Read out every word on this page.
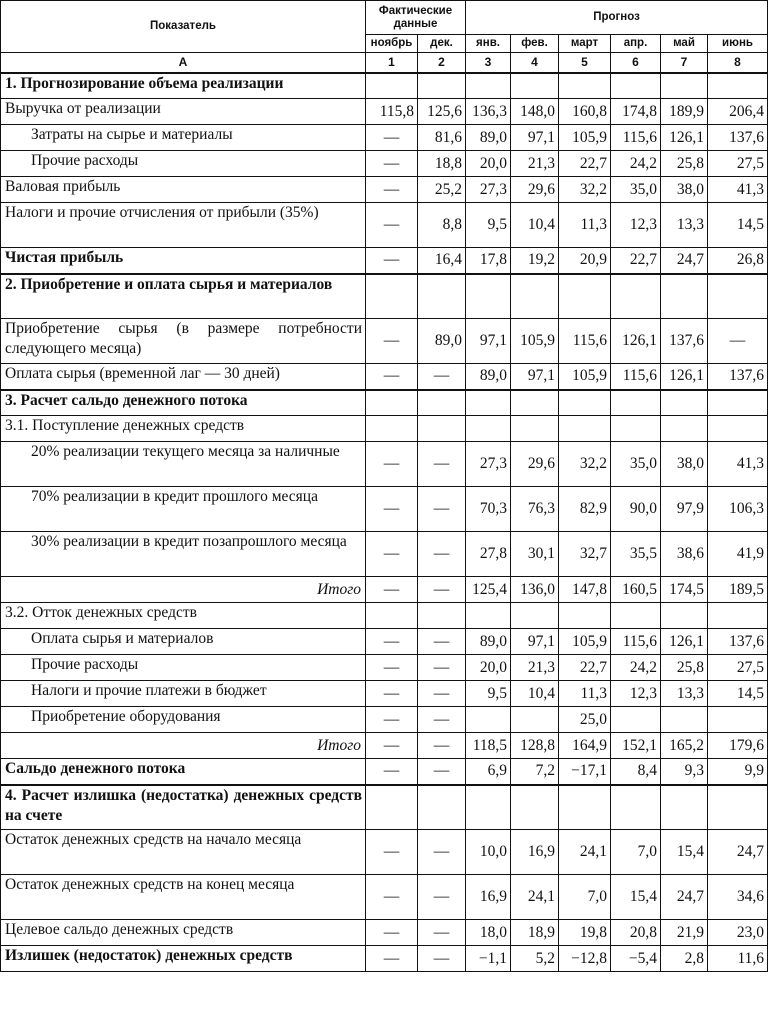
Показатель	Фактические данные		Прогноз					
	ноябрь	дек.	янв.	фев.	март	апр.	май	июнь
А	1	2	3	4	5	6	7	8
1. Прогнозирование объема реализации								
Выручка от реализации	115,8	125,6	136,3	148,0	160,8	174,8	189,9	206,4
Затраты на сырье и материалы	—	81,6	89,0	97,1	105,9	115,6	126,1	137,6
Прочие расходы	—	18,8	20,0	21,3	22,7	24,2	25,8	27,5
Валовая прибыль	—	25,2	27,3	29,6	32,2	35,0	38,0	41,3
Налоги и прочие отчисления от прибыли (35%)	—	8,8	9,5	10,4	11,3	12,3	13,3	14,5
Чистая прибыль	—	16,4	17,8	19,2	20,9	22,7	24,7	26,8
2. Приобретение и оплата сырья и материалов								
Приобретение сырья (в размере потребности следующего месяца)	—	89,0	97,1	105,9	115,6	126,1	137,6	—
Оплата сырья (временной лаг — 30 дней)	—	—	89,0	97,1	105,9	115,6	126,1	137,6
3. Расчет сальдо денежного потока								
3.1. Поступление денежных средств								
20% реализации текущего месяца за наличные	—	—	27,3	29,6	32,2	35,0	38,0	41,3
70% реализации в кредит прошлого месяца	—	—	70,3	76,3	82,9	90,0	97,9	106,3
30% реализации в кредит позапрошлого месяца	—	—	27,8	30,1	32,7	35,5	38,6	41,9
Итого	—	—	125,4	136,0	147,8	160,5	174,5	189,5
3.2. Отток денежных средств								
Оплата сырья и материалов	—	—	89,0	97,1	105,9	115,6	126,1	137,6
Прочие расходы	—	—	20,0	21,3	22,7	24,2	25,8	27,5
Налоги и прочие платежи в бюджет	—	—	9,5	10,4	11,3	12,3	13,3	14,5
Приобретение оборудования	—	—			25,0			
Итого	—	—	118,5	128,8	164,9	152,1	165,2	179,6
Сальдо денежного потока	—	—	6,9	7,2	−17,1	8,4	9,3	9,9
4. Расчет излишка (недостатка) денежных средств на счете								
Остаток денежных средств на начало месяца	—	—	10,0	16,9	24,1	7,0	15,4	24,7
Остаток денежных средств на конец месяца	—	—	16,9	24,1	7,0	15,4	24,7	34,6
Целевое сальдо денежных средств	—	—	18,0	18,9	19,8	20,8	21,9	23,0
Излишек (недостаток) денежных средств	—	—	−1,1	5,2	−12,8	−5,4	2,8	11,6
